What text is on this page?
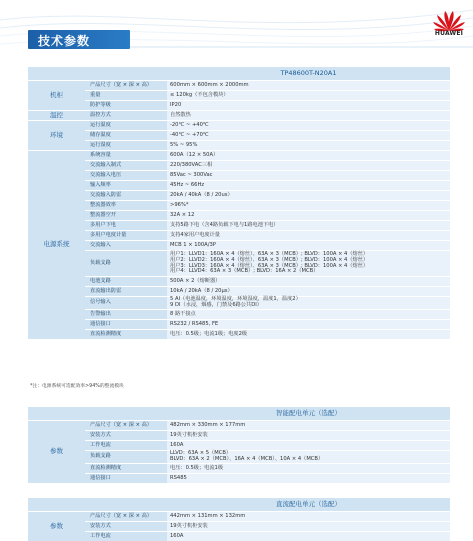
技术参数
HUAWEI
		TP48600T-N20A1
机柜	产品尺寸（宽 × 深 × 高）	600mm × 600mm × 2000mm
	重量	≤ 120kg（不包含模块）
	防护等级	IP20
温控	温控方式	自然散热
环境	运行温度	-20℃ ~ +40℃
	储存温度	-40℃ ~ +70℃
	运行湿度	5% ~ 95%
电源系统	系统容量	600A（12 × 50A）
	交流输入制式	220/380VAC三相
	交流输入电压	85Vac ~ 300Vac
	输入频率	45Hz ~ 66Hz
	交流输入防雷	20kA / 40kA（8 / 20us）
	整流器效率	>96%*
	整流器空开	32A × 12
	多用户下电	支持5路下电（含4路负载下电与1路电池下电）
	多用户电度计量	支持4家用户电度计量
	交流输入	MCB 1 × 100A/3P
	负载支路	用户1：LLVD1：160A × 4（熔丝）、63A × 3（MCB）; BLVD：100A × 4（熔丝）
用户2：LLVD2：160A × 4（熔丝）、63A × 3（MCB）; BLVD：100A × 4（熔丝）
用户3：LLVD3：160A × 4（熔丝）、63A × 3（MCB）; BLVD：100A × 4（熔丝）
用户4：LLVD4：63A × 3（MCB）; BLVD：16A × 2（MCB）
	电池支路	500A × 2（熔断器）
	直流输出防雷	10kA / 20kA（8 / 20μs）
	信号输入	5 AI（电池温度，环境温度，环境湿度，温度1，温度2）
9 DI（水浸，烟感，门禁及6路公共DI）
	告警输出	8 路干接点
	通信接口	RS232 / RS485, FE
	直流检测精度	电压：0.5级；电流1级；电度2级
*注：电源系统可选配效率>94%的整流模块
		智能配电单元（选配）
参数	产品尺寸（宽 × 深 × 高）	482mm × 330mm × 177mm
	安装方式	19英寸机柜安装
	工作电流	160A
	负载支路	LLVD：63A × 5（MCB）
BLVD：63A × 2（MCB）、16A × 4（MCB）、10A × 4（MCB）
	直流检测精度	电压：0.5级；电流1级
	通信接口	RS485
		直流配电单元（选配）
参数	产品尺寸（宽 × 深 × 高）	442mm × 131mm × 132mm
	安装方式	19英寸机柜安装
	工作电流	160A
